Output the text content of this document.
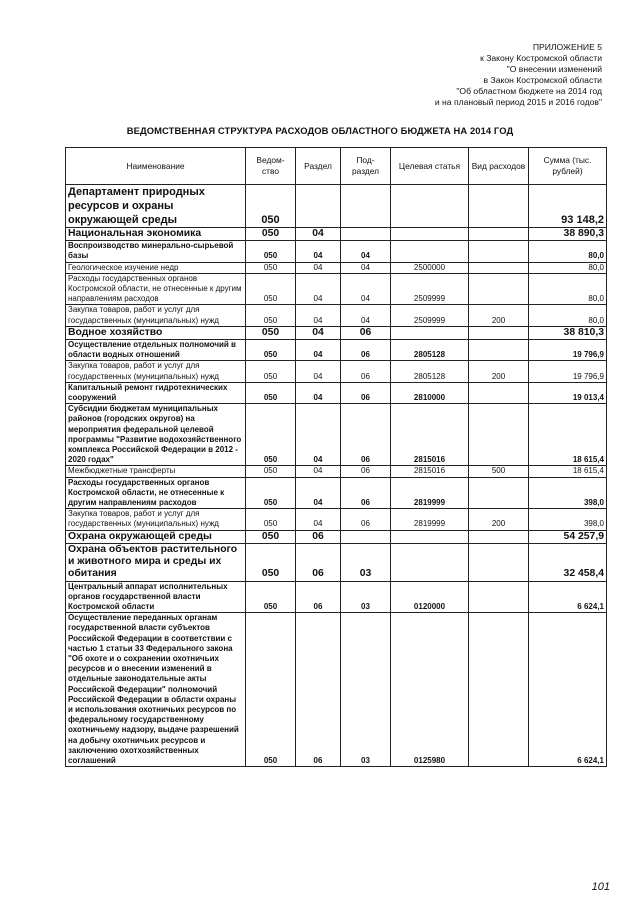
ПРИЛОЖЕНИЕ 5
к Закону Костромской области
"О внесении изменений
в Закон Костромской области
"Об областном бюджете на 2014 год
и на плановый период 2015 и 2016 годов"
ВЕДОМСТВЕННАЯ СТРУКТУРА РАСХОДОВ ОБЛАСТНОГО БЮДЖЕТА НА 2014 ГОД
Наименование	Ведом-ство	Раздел	Под-раздел	Целевая статья	Вид расходов	Сумма (тыс. рублей)
Департамент природных ресурсов и охраны окружающей среды	050					93 148,2
Национальная экономика	050	04				38 890,3
Воспроизводство минерально-сырьевой базы	050	04	04			80,0
Геологическое изучение недр	050	04	04	2500000		80,0
Расходы государственных органов Костромской области, не отнесенные к другим направлениям расходов	050	04	04	2509999		80,0
Закупка товаров, работ и услуг для государственных (муниципальных) нужд	050	04	04	2509999	200	80,0
Водное хозяйство	050	04	06			38 810,3
Осуществление отдельных полномочий в области водных отношений	050	04	06	2805128		19 796,9
Закупка товаров, работ и услуг для государственных (муниципальных) нужд	050	04	06	2805128	200	19 796,9
Капитальный ремонт гидротехнических сооружений	050	04	06	2810000		19 013,4
Субсидии бюджетам муниципальных районов (городских округов) на мероприятия федеральной целевой программы "Развитие водохозяйственного комплекса Российской Федерации в 2012 - 2020 годах"	050	04	06	2815016		18 615,4
Межбюджетные трансферты	050	04	06	2815016	500	18 615,4
Расходы государственных органов Костромской области, не отнесенные к другим направлениям расходов	050	04	06	2819999		398,0
Закупка товаров, работ и услуг для государственных (муниципальных) нужд	050	04	06	2819999	200	398,0
Охрана окружающей среды	050	06				54 257,9
Охрана объектов растительного и животного мира и среды их обитания	050	06	03			32 458,4
Центральный аппарат исполнительных органов государственной власти Костромской области	050	06	03	0120000		6 624,1
Осуществление переданных органам государственной власти субъектов Российской Федерации в соответствии с частью 1 статьи 33 Федерального закона "Об охоте и о сохранении охотничьих ресурсов и о внесении изменений в отдельные законодательные акты Российской Федерации" полномочий Российской Федерации в области охраны и использования охотничьих ресурсов по федеральному государственному охотничьему надзору, выдаче разрешений на добычу охотничьих ресурсов и заключению охотхозяйственных соглашений	050	06	03	0125980		6 624,1
101
